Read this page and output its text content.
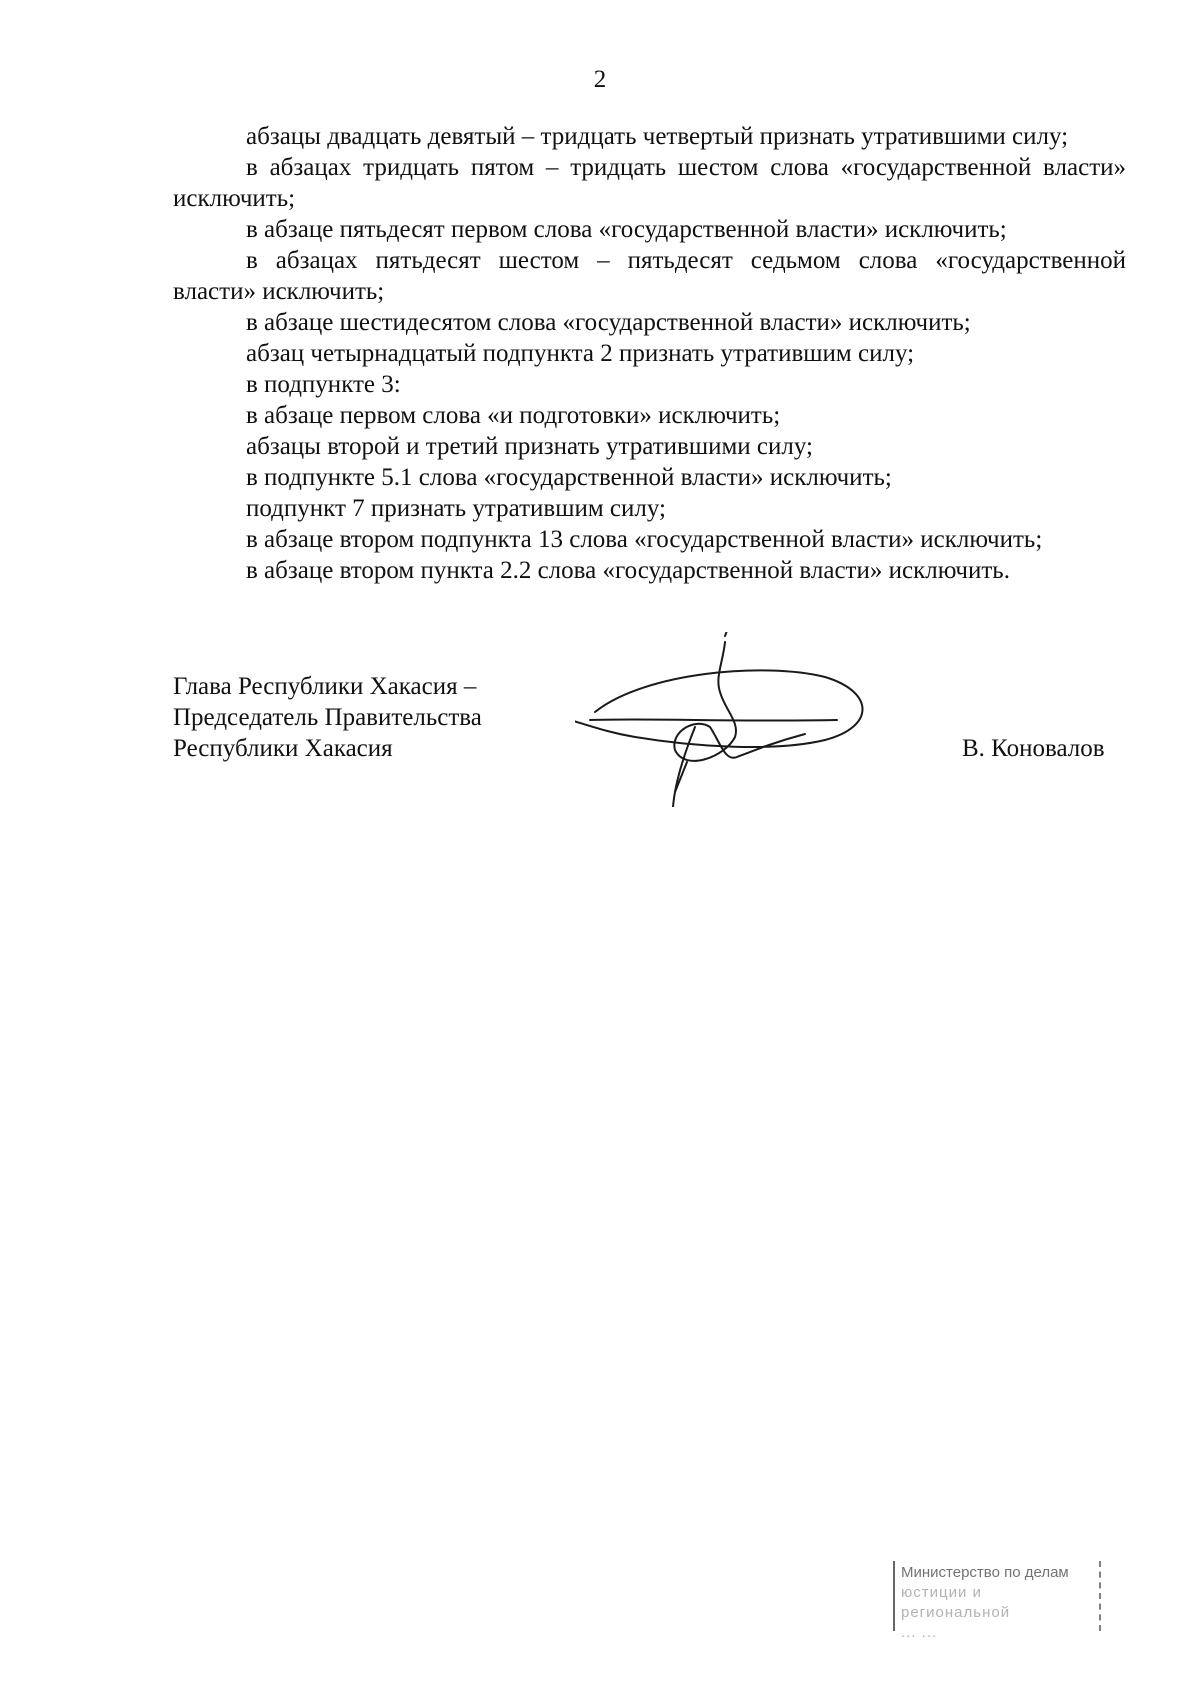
2

абзацы двадцать девятый – тридцать четвертый признать утратившими силу;

в абзацах тридцать пятом – тридцать шестом слова «государственной власти»

исключить;

в абзаце пятьдесят первом слова «государственной власти» исключить;

в абзацах пятьдесят шестом – пятьдесят седьмом слова «государственной

власти» исключить;

в абзаце шестидесятом слова «государственной власти» исключить;

абзац четырнадцатый подпункта 2 признать утратившим силу;

в подпункте 3:

в абзаце первом слова «и подготовки» исключить;

абзацы второй и третий признать утратившими силу;

в подпункте 5.1 слова «государственной власти» исключить;

подпункт 7 признать утратившим силу;

в абзаце втором подпункта 13 слова «государственной власти» исключить;

в абзаце втором пункта 2.2 слова «государственной власти» исключить.

Глава Республики Хакасия –
Председатель Правительства
Республики Хакасия	В. Коновалов
Министерство по делам
юстиции и региональной
... ...
